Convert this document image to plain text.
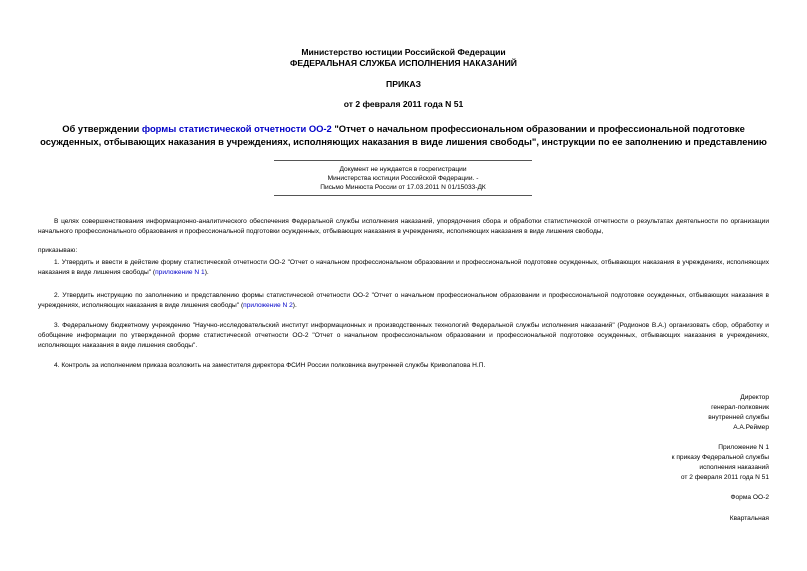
Министерство юстиции Российской Федерации
ФЕДЕРАЛЬНАЯ СЛУЖБА ИСПОЛНЕНИЯ НАКАЗАНИЙ
ПРИКАЗ
от 2 февраля 2011 года N 51
Об утверждении формы статистической отчетности ОО-2 "Отчет о начальном профессиональном образовании и профессиональной подготовке осужденных, отбывающих наказания в учреждениях, исполняющих наказания в виде лишения свободы", инструкции по ее заполнению и представлению
Документ не нуждается в госрегистрации
Министерства юстиции Российской Федерации. -
Письмо Минюста России от 17.03.2011 N 01/15033-ДК
В целях совершенствования информационно-аналитического обеспечения Федеральной службы исполнения наказаний, упорядочения сбора и обработки статистической отчетности о результатах деятельности по организации начального профессионального образования и профессиональной подготовки осужденных, отбывающих наказания в учреждениях, исполняющих наказания в виде лишения свободы,
приказываю:
1. Утвердить и ввести в действие форму статистической отчетности ОО-2 "Отчет о начальном профессиональном образовании и профессиональной подготовке осужденных, отбывающих наказания в учреждениях, исполняющих наказания в виде лишения свободы" (приложение N 1).
2. Утвердить инструкцию по заполнению и представлению формы статистической отчетности ОО-2 "Отчет о начальном профессиональном образовании и профессиональной подготовке осужденных, отбывающих наказания в учреждениях, исполняющих наказания в виде лишения свободы" (приложение N 2).
3. Федеральному бюджетному учреждению "Научно-исследовательский институт информационных и производственных технологий Федеральной службы исполнения наказаний" (Родионов В.А.) организовать сбор, обработку и обобщение информации по утвержденной форме статистической отчетности ОО-2 "Отчет о начальном профессиональном образовании и профессиональной подготовке осужденных, отбывающих наказания в учреждениях, исполняющих наказания в виде лишения свободы".
4. Контроль за исполнением приказа возложить на заместителя директора ФСИН России полковника внутренней службы Криволапова Н.П.
Директор
генерал-полковник
внутренней службы
А.А.Реймер
Приложение N 1
к приказу Федеральной службы
исполнения наказаний
от 2 февраля 2011 года N 51
Форма ОО-2
Квартальная
